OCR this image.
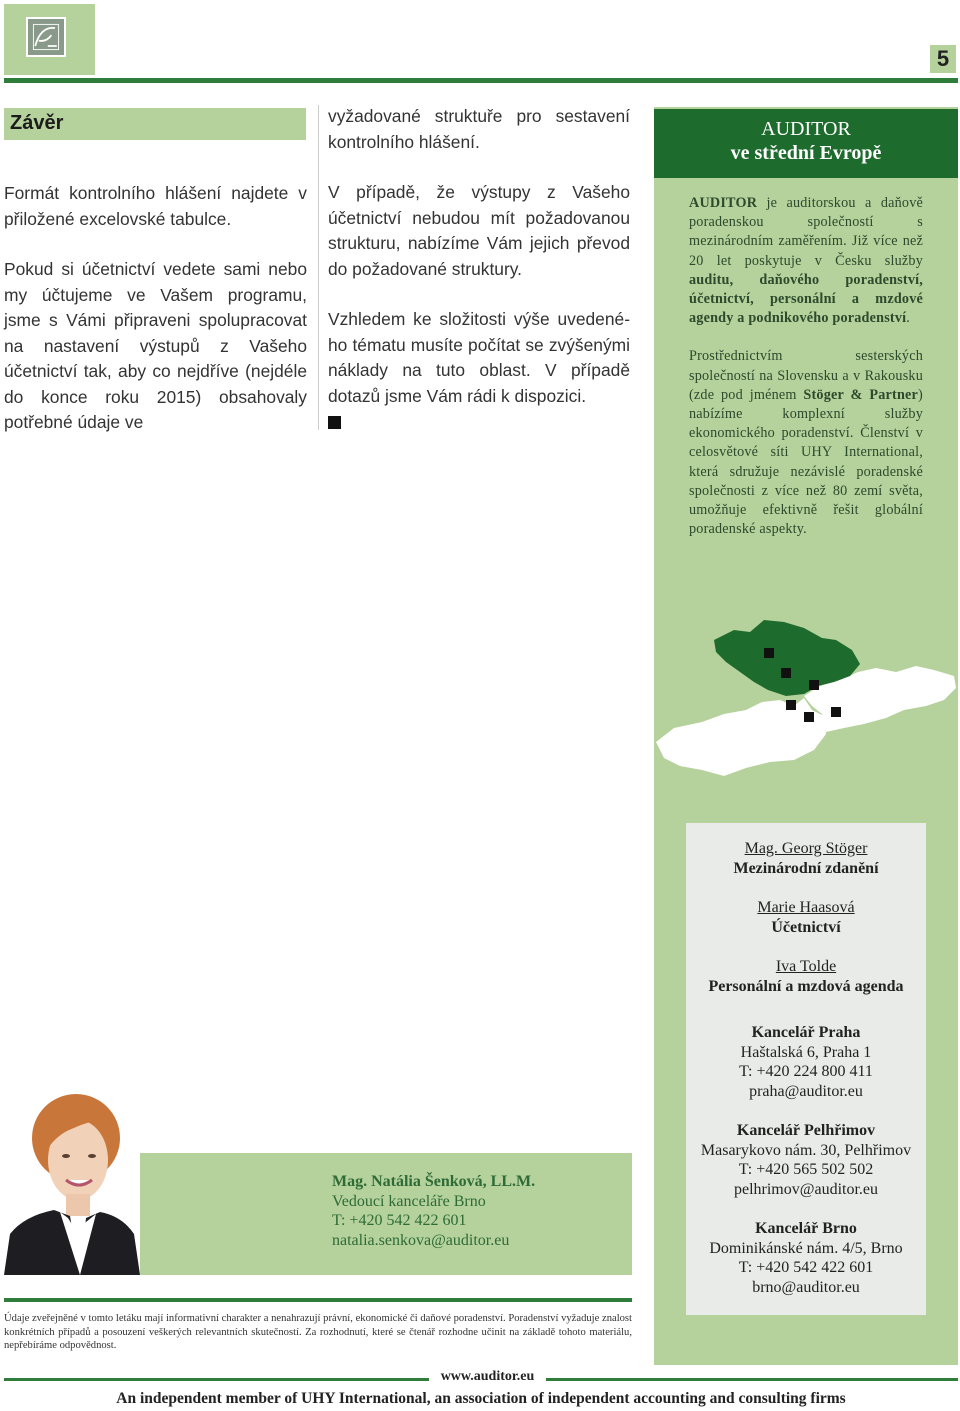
5
Závěr

Formát kontrolního hlášení najdete v přiložené excelovské tabulce.

Pokud si účetnictví vedete sami nebo my účtujeme ve Vašem programu, jsme s Vámi připraveni spolupracovat na nastavení výstupů z Vašeho účetnictví tak, aby co nejdříve (nejdéle do konce roku 2015) obsahovaly potřebné údaje ve

vyžadované struktuře pro sestavení kontrolního hlášení.

V případě, že výstupy z Vašeho účetnictví nebudou mít požadovanou strukturu, nabízíme Vám jejich převod do požadované struktury.

Vzhledem ke složitosti výše uvedené-ho tématu musíte počítat se zvýšenými náklady na tuto oblast. V případě dotazů jsme Vám rádi k dispozici.

AUDITOR
ve střední Evropě

AUDITOR je auditorskou a daňově poradenskou společností s mezinárodním zaměřením. Již více než 20 let poskytuje v Česku služby auditu, daňového poradenství, účetnictví, personální a mzdové agendy a podnikového poradenství.

Prostřednictvím sesterských společností na Slovensku a v Rakousku (zde pod jménem Stöger & Partner) nabízíme komplexní služby ekonomického poradenství. Členství v celosvětové síti UHY International, která sdružuje nezávislé poradenské společnosti z více než 80 zemí světa, umožňuje efektivně řešit globální poradenské aspekty.

Mag. Georg Stöger
Mezinárodní zdanění
Marie Haasová
Účetnictví
Iva Tolde
Personální a mzdová agenda
Kancelář Praha
Haštalská 6, Praha 1
T: +420 224 800 411
praha@auditor.eu
Kancelář Pelhřimov
Masarykovo nám. 30, Pelhřimov
T: +420 565 502 502
pelhrimov@auditor.eu
Kancelář Brno
Dominikánské nám. 4/5, Brno
T: +420 542 422 601
brno@auditor.eu
Mag. Natália Šenková, LL.M.
Vedoucí kanceláře Brno
T: +420 542 422 601
natalia.senkova@auditor.eu
Údaje zveřejněné v tomto letáku mají informativní charakter a nenahrazují právní, ekonomické či daňové poradenství. Poradenství vyžaduje znalost konkrétních případů a posouzení veškerých relevantních skutečností. Za rozhodnutí, které se čtenář rozhodne učinit na základě tohoto materiálu, nepřebíráme odpovědnost.
www.auditor.eu
An independent member of UHY International, an association of independent accounting and consulting firms
